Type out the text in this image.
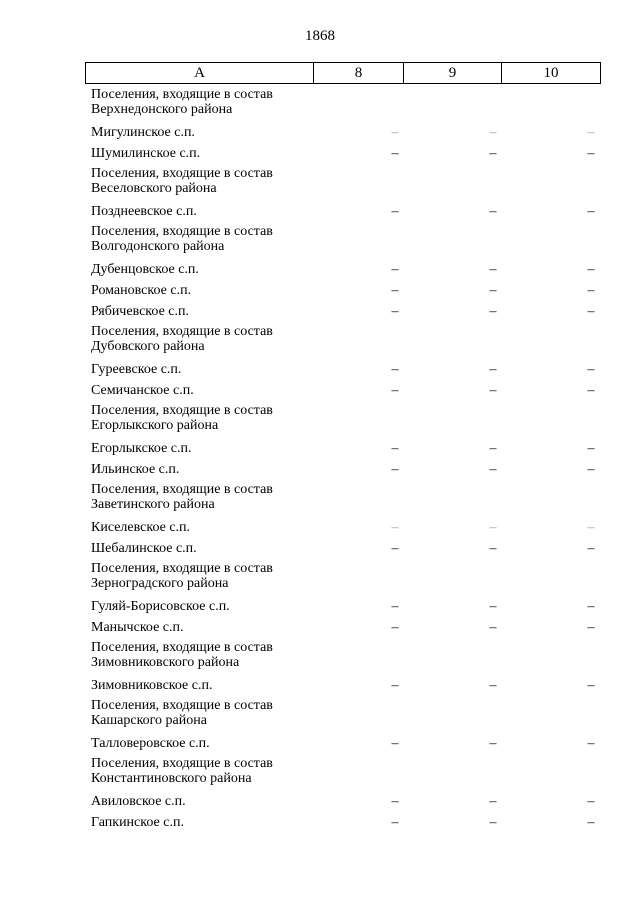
1868
А	8	9	10
Поселения, входящие в состав
Верхнедонского района
Мигулинское с.п.	–	–	–
Шумилинское с.п.	–	–	–
Поселения, входящие в состав
Веселовского района
Позднеевское с.п.	–	–	–
Поселения, входящие в состав
Волгодонского района
Дубенцовское с.п.	–	–	–
Романовское с.п.	–	–	–
Рябичевское с.п.	–	–	–
Поселения, входящие в состав
Дубовского района
Гуреевское с.п.	–	–	–
Семичанское с.п.	–	–	–
Поселения, входящие в состав
Егорлыкского района
Егорлыкское с.п.	–	–	–
Ильинское с.п.	–	–	–
Поселения, входящие в состав
Заветинского района
Киселевское с.п.	–	–	–
Шебалинское с.п.	–	–	–
Поселения, входящие в состав
Зерноградского района
Гуляй-Борисовское с.п.	–	–	–
Манычское с.п.	–	–	–
Поселения, входящие в состав
Зимовниковского района
Зимовниковское с.п.	–	–	–
Поселения, входящие в состав
Кашарского района
Талловеровское с.п.	–	–	–
Поселения, входящие в состав
Константиновского района
Авиловское с.п.	–	–	–
Гапкинское с.п.	–	–	–
